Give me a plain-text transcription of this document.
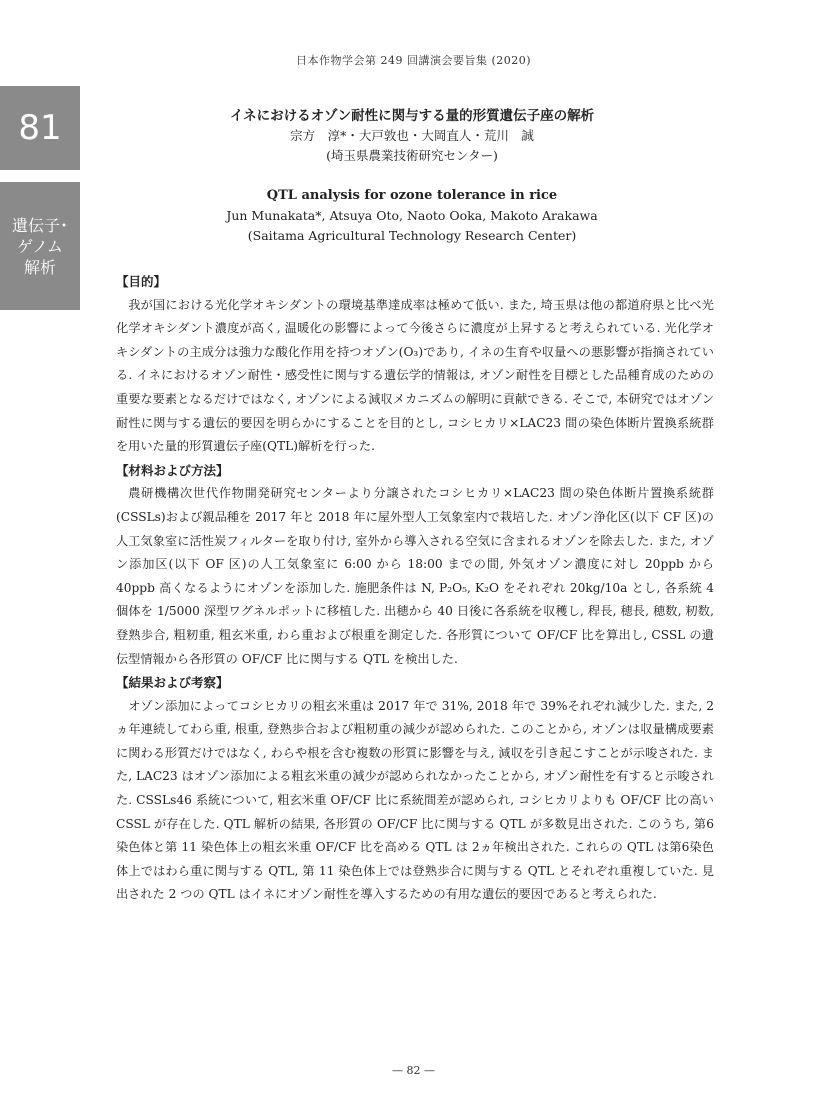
日本作物学会第 249 回講演会要旨集 (2020)
81
遺伝子･
ゲノム
解析
イネにおけるオゾン耐性に関与する量的形質遺伝子座の解析
宗方　淳*・大戸敦也・大岡直人・荒川　誠
(埼玉県農業技術研究センター)
QTL analysis for ozone tolerance in rice
Jun Munakata*, Atsuya Oto, Naoto Ooka, Makoto Arakawa
(Saitama Agricultural Technology Research Center)
【目的】

我が国における光化学オキシダントの環境基準達成率は極めて低い. また, 埼玉県は他の都道府県と比べ光化学オキシダント濃度が高く, 温暖化の影響によって今後さらに濃度が上昇すると考えられている. 光化学オキシダントの主成分は強力な酸化作用を持つオゾン(O₃)であり, イネの生育や収量への悪影響が指摘されている. イネにおけるオゾン耐性・感受性に関与する遺伝学的情報は, オゾン耐性を目標とした品種育成のための重要な要素となるだけではなく, オゾンによる減収メカニズムの解明に貢献できる. そこで, 本研究ではオゾン耐性に関与する遺伝的要因を明らかにすることを目的とし, コシヒカリ×LAC23 間の染色体断片置換系統群を用いた量的形質遺伝子座(QTL)解析を行った.

【材料および方法】

農研機構次世代作物開発研究センターより分譲されたコシヒカリ×LAC23 間の染色体断片置換系統群(CSSLs)および親品種を 2017 年と 2018 年に屋外型人工気象室内で栽培した. オゾン浄化区(以下 CF 区)の人工気象室に活性炭フィルターを取り付け, 室外から導入される空気に含まれるオゾンを除去した. また, オゾン添加区(以下 OF 区)の人工気象室に 6:00 から 18:00 までの間, 外気オゾン濃度に対し 20ppb から 40ppb 高くなるようにオゾンを添加した. 施肥条件は N, P₂O₅, K₂O をそれぞれ 20kg/10a とし, 各系統 4 個体を 1/5000 深型ワグネルポットに移植した. 出穂から 40 日後に各系統を収穫し, 稈長, 穂長, 穂数, 籾数, 登熟歩合, 粗籾重, 粗玄米重, わら重および根重を測定した. 各形質について OF/CF 比を算出し, CSSL の遺伝型情報から各形質の OF/CF 比に関与する QTL を検出した.

【結果および考察】

オゾン添加によってコシヒカリの粗玄米重は 2017 年で 31%, 2018 年で 39%それぞれ減少した. また, 2ヵ年連続してわら重, 根重, 登熟歩合および粗籾重の減少が認められた. このことから, オゾンは収量構成要素に関わる形質だけではなく, わらや根を含む複数の形質に影響を与え, 減収を引き起こすことが示唆された. また, LAC23 はオゾン添加による粗玄米重の減少が認められなかったことから, オゾン耐性を有すると示唆された. CSSLs46 系統について, 粗玄米重 OF/CF 比に系統間差が認められ, コシヒカリよりも OF/CF 比の高い CSSL が存在した. QTL 解析の結果, 各形質の OF/CF 比に関与する QTL が多数見出された. このうち, 第6染色体と第 11 染色体上の粗玄米重 OF/CF 比を高める QTL は 2ヵ年検出された. これらの QTL は第6染色体上ではわら重に関与する QTL, 第 11 染色体上では登熟歩合に関与する QTL とそれぞれ重複していた. 見出された 2 つの QTL はイネにオゾン耐性を導入するための有用な遺伝的要因であると考えられた.

— 82 —
